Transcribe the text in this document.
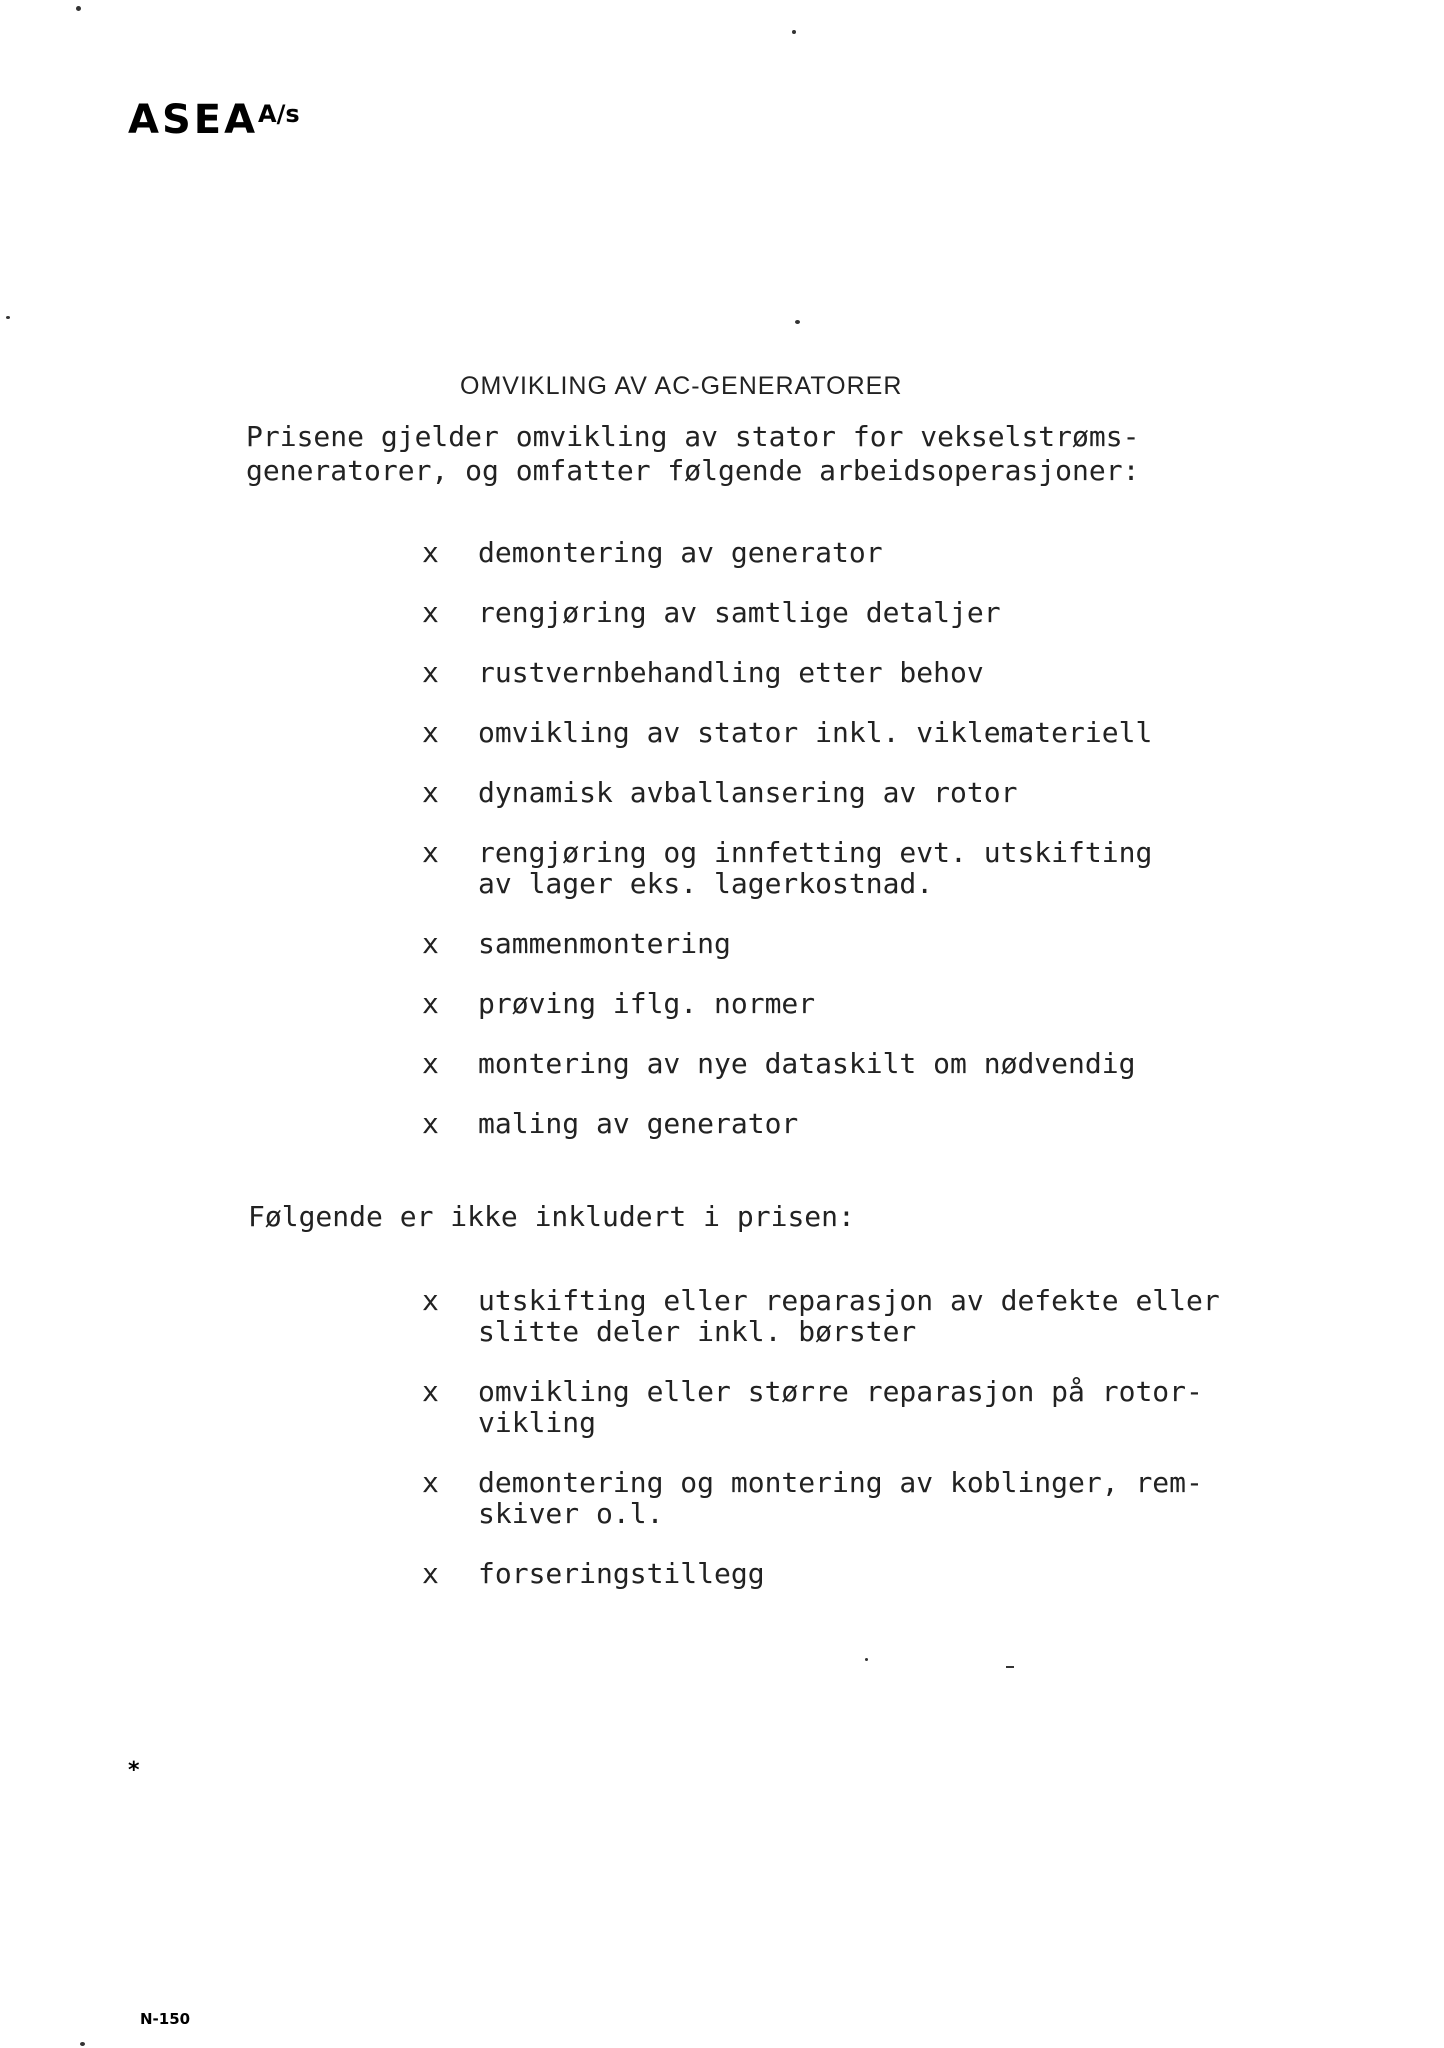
$ASEA^{A/s}$
OMVIKLING AV AC-GENERATORER
Prisene gjelder omvikling av stator for vekselstrøms-
generatorer, og omfatter følgende arbeidsoperasjoner:
x demontering av generator
x rengjøring av samtlige detaljer
x rustvernbehandling etter behov
x omvikling av stator inkl. viklemateriell
x dynamisk avballansering av rotor
x rengjøring og innfetting evt. utskifting
av lager eks. lagerkostnad.
x sammenmontering
x prøving iflg. normer
x montering av nye dataskilt om nødvendig
x maling av generator
Følgende er ikke inkludert i prisen:
x utskifting eller reparasjon av defekte eller
slitte deler inkl. børster
x omvikling eller større reparasjon på rotor-
vikling
x demontering og montering av koblinger, rem-
skiver o.l.
x forseringstillegg
*
N-150
